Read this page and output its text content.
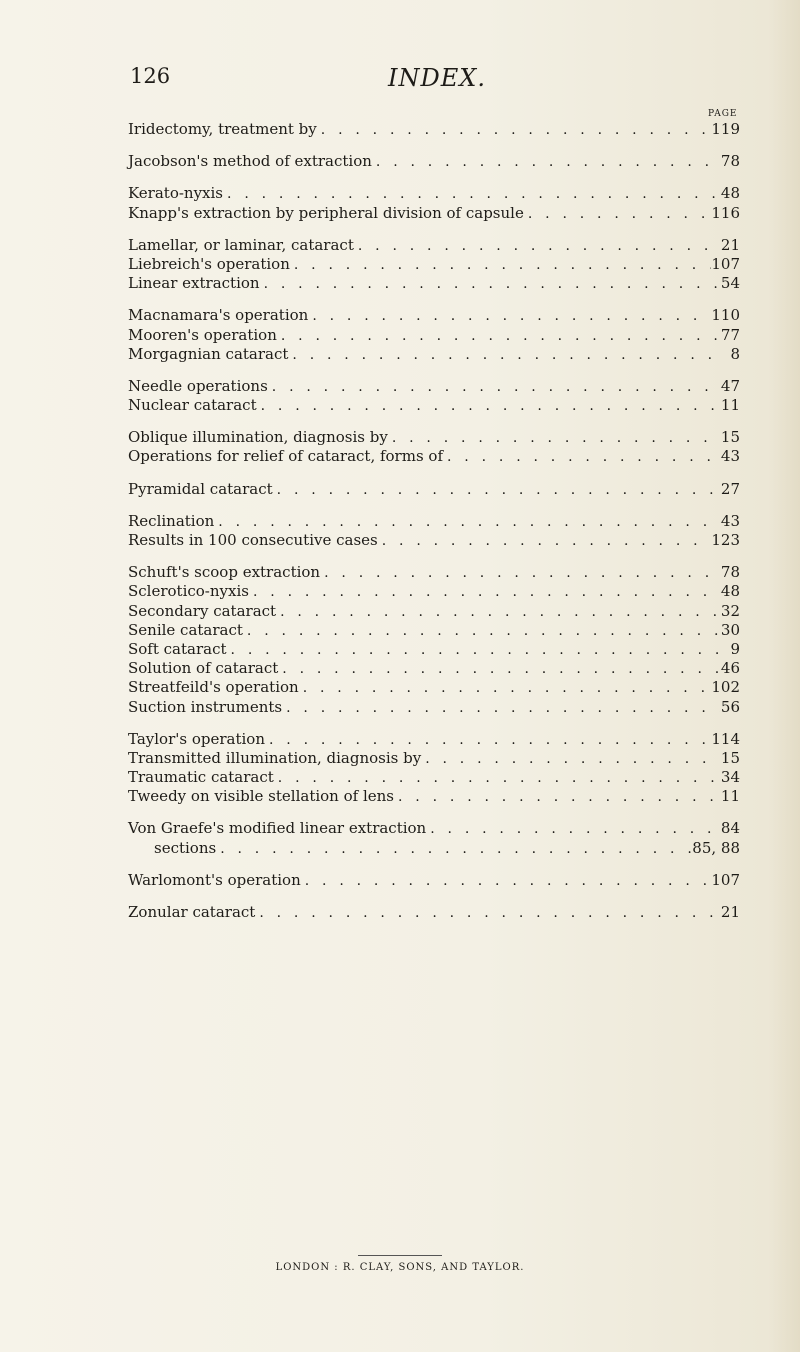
126	INDEX.
PAGE
Iridectomy, treatment by . . .	119
Jacobson's method of extraction . . .	78
Kerato-nyxis . . .	48
Knapp's extraction by peripheral division of capsule . . .	116
Lamellar, or laminar, cataract . . .	21
Liebreich's operation . . .	107
Linear extraction . . .	54
Macnamara's operation . . .	110
Mooren's operation . . .	77
Morgagnian cataract . . .	8
Needle operations . . .	47
Nuclear cataract . . .	11
Oblique illumination, diagnosis by . . .	15
Operations for relief of cataract, forms of . . .	43
Pyramidal cataract . . .	27
Reclination . . .	43
Results in 100 consecutive cases . . .	123
Schuft's scoop extraction . . .	78
Sclerotico-nyxis . . .	48
Secondary cataract . . .	32
Senile cataract . . .	30
Soft cataract . . .	9
Solution of cataract . . .	46
Streatfeild's operation . . .	102
Suction instruments . . .	56
Taylor's operation . . .	114
Transmitted illumination, diagnosis by . . .	15
Traumatic cataract . . .	34
Tweedy on visible stellation of lens . . .	11
Von Graefe's modified linear extraction . . .	84
sections . . .	85, 88
Warlomont's operation . . .	107
Zonular cataract . . .	21
LONDON : R. CLAY, SONS, AND TAYLOR.
